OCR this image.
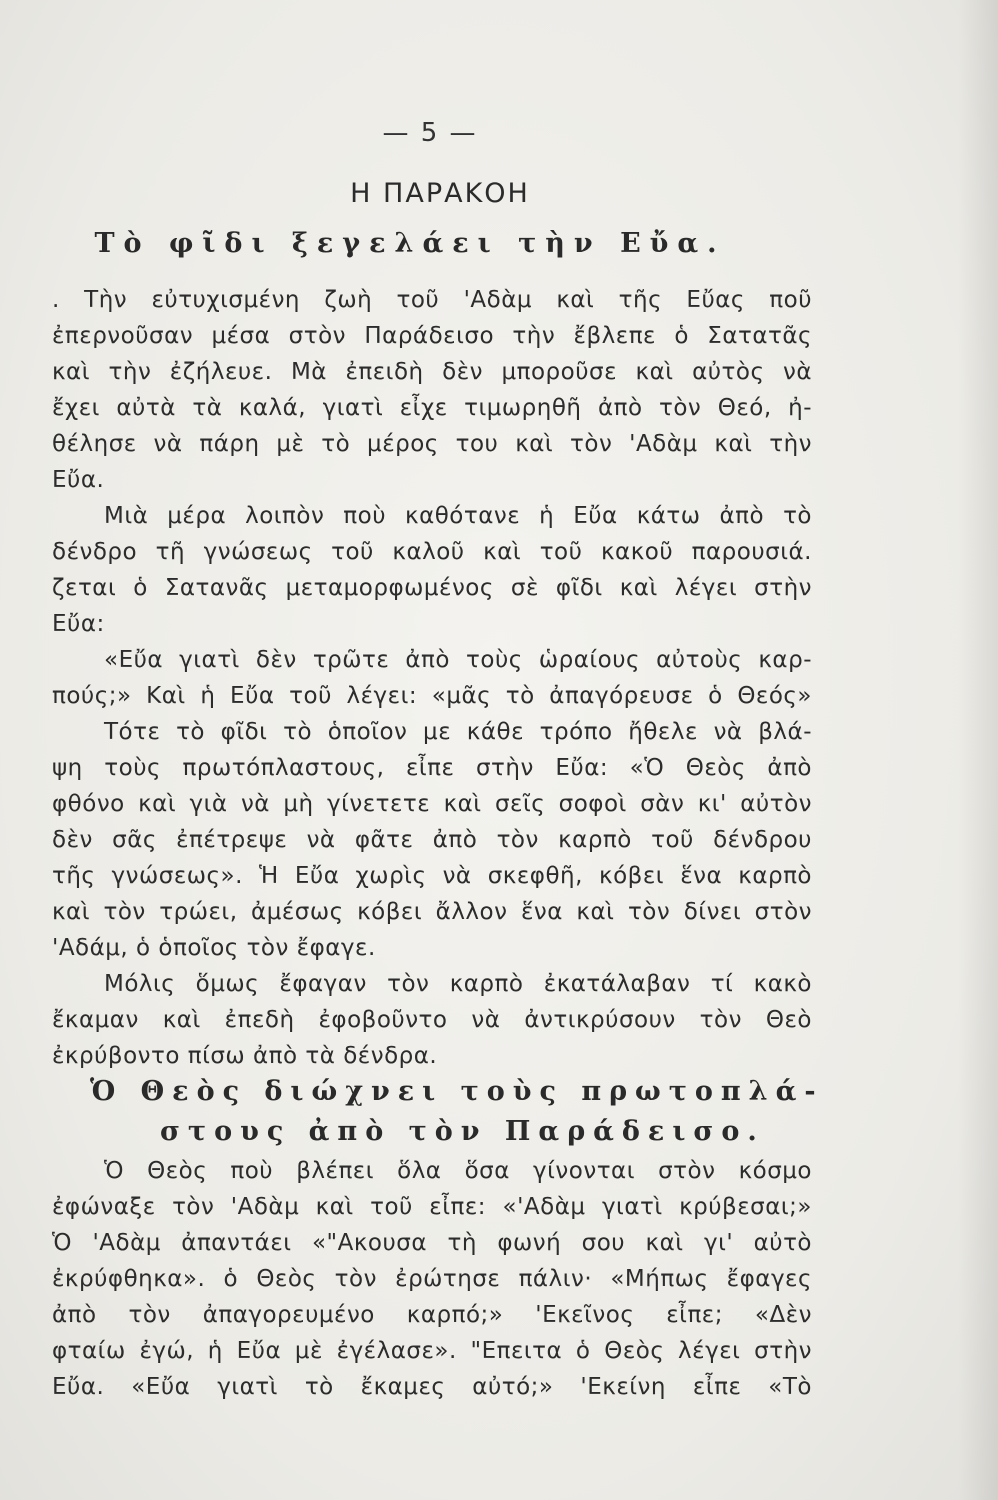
— 5 —
Η ΠΑΡΑΚΟΗ
Τὸ φῖδι ξεγελάει τὴν Εὔα.
. Τὴν εὐτυχισμένη ζωὴ τοῦ 'Αδὰμ καὶ τῆς Εὔας ποῦ
ἐπερνοῦσαν μέσα στὸν Παράδεισο τὴν ἔβλεπε ὁ Σατατᾶς
καὶ τὴν ἐζήλευε. Μὰ ἐπειδὴ δὲν μποροῦσε καὶ αὐτὸς νὰ
ἔχει αὐτὰ τὰ καλά, γιατὶ εἶχε τιμωρηθῆ ἀπὸ τὸν Θεό, ἠ-
θέλησε νὰ πάρη μὲ τὸ μέρος του καὶ τὸν 'Αδὰμ καὶ τὴν
Εὔα.
Μιὰ μέρα λοιπὸν ποὺ καθότανε ἡ Εὔα κάτω ἀπὸ τὸ
δένδρο τῆ γνώσεως τοῦ καλοῦ καὶ τοῦ κακοῦ παρουσιά.
ζεται ὁ Σατανᾶς μεταμορφωμένος σὲ φῖδι καὶ λέγει στὴν
Εὔα:
«Εὔα γιατὶ δὲν τρῶτε ἀπὸ τοὺς ὡραίους αὐτοὺς καρ-
πούς;» Καὶ ἡ Εὔα τοῦ λέγει: «μᾶς τὸ ἀπαγόρευσε ὁ Θεός»
Τότε τὸ φῖδι τὸ ὁποῖον με κάθε τρόπο ἤθελε νὰ βλά-
ψη τοὺς πρωτόπλαστους, εἶπε στὴν Εὔα: «Ὁ Θεὸς ἀπὸ
φθόνο καὶ γιὰ νὰ μὴ γίνετετε καὶ σεῖς σοφοὶ σὰν κι' αὐτὸν
δὲν σᾶς ἐπέτρεψε νὰ φᾶτε ἀπὸ τὸν καρπὸ τοῦ δένδρου
τῆς γνώσεως». Ἡ Εὔα χωρὶς νὰ σκεφθῆ, κόβει ἕνα καρπὸ
καὶ τὸν τρώει, ἀμέσως κόβει ἄλλον ἕνα καὶ τὸν δίνει στὸν
'Αδάμ, ὁ ὁποῖος τὸν ἔφαγε.
Μόλις ὅμως ἔφαγαν τὸν καρπὸ ἐκατάλαβαν τί κακὸ
ἔκαμαν καὶ ἐπεδὴ ἐφοβοῦντο νὰ ἀντικρύσουν τὸν Θεὸ
ἐκρύβοντο πίσω ἀπὸ τὰ δένδρα.
Ὁ Θεὸς διώχνει τοὺς πρωτοπλά-
στους ἀπὸ τὸν Παράδεισο.
Ὁ Θεὸς ποὺ βλέπει ὅλα ὅσα γίνονται στὸν κόσμο
ἐφώναξε τὸν 'Αδὰμ καὶ τοῦ εἶπε: «'Αδὰμ γιατὶ κρύβεσαι;»
Ὁ 'Αδὰμ ἀπαντάει «"Ακουσα τὴ φωνή σου καὶ γι' αὐτὸ
ἐκρύφθηκα». ὁ Θεὸς τὸν ἐρώτησε πάλιν· «Μήπως ἔφαγες
ἀπὸ τὸν ἀπαγορευμένο καρπό;» 'Εκεῖνος εἶπε; «Δὲν
φταίω ἐγώ, ἡ Εὔα μὲ ἐγέλασε». "Επειτα ὁ Θεὸς λέγει στὴν
Εὔα. «Εὔα γιατὶ τὸ ἔκαμες αὐτό;» 'Εκείνη εἶπε «Τὸ
